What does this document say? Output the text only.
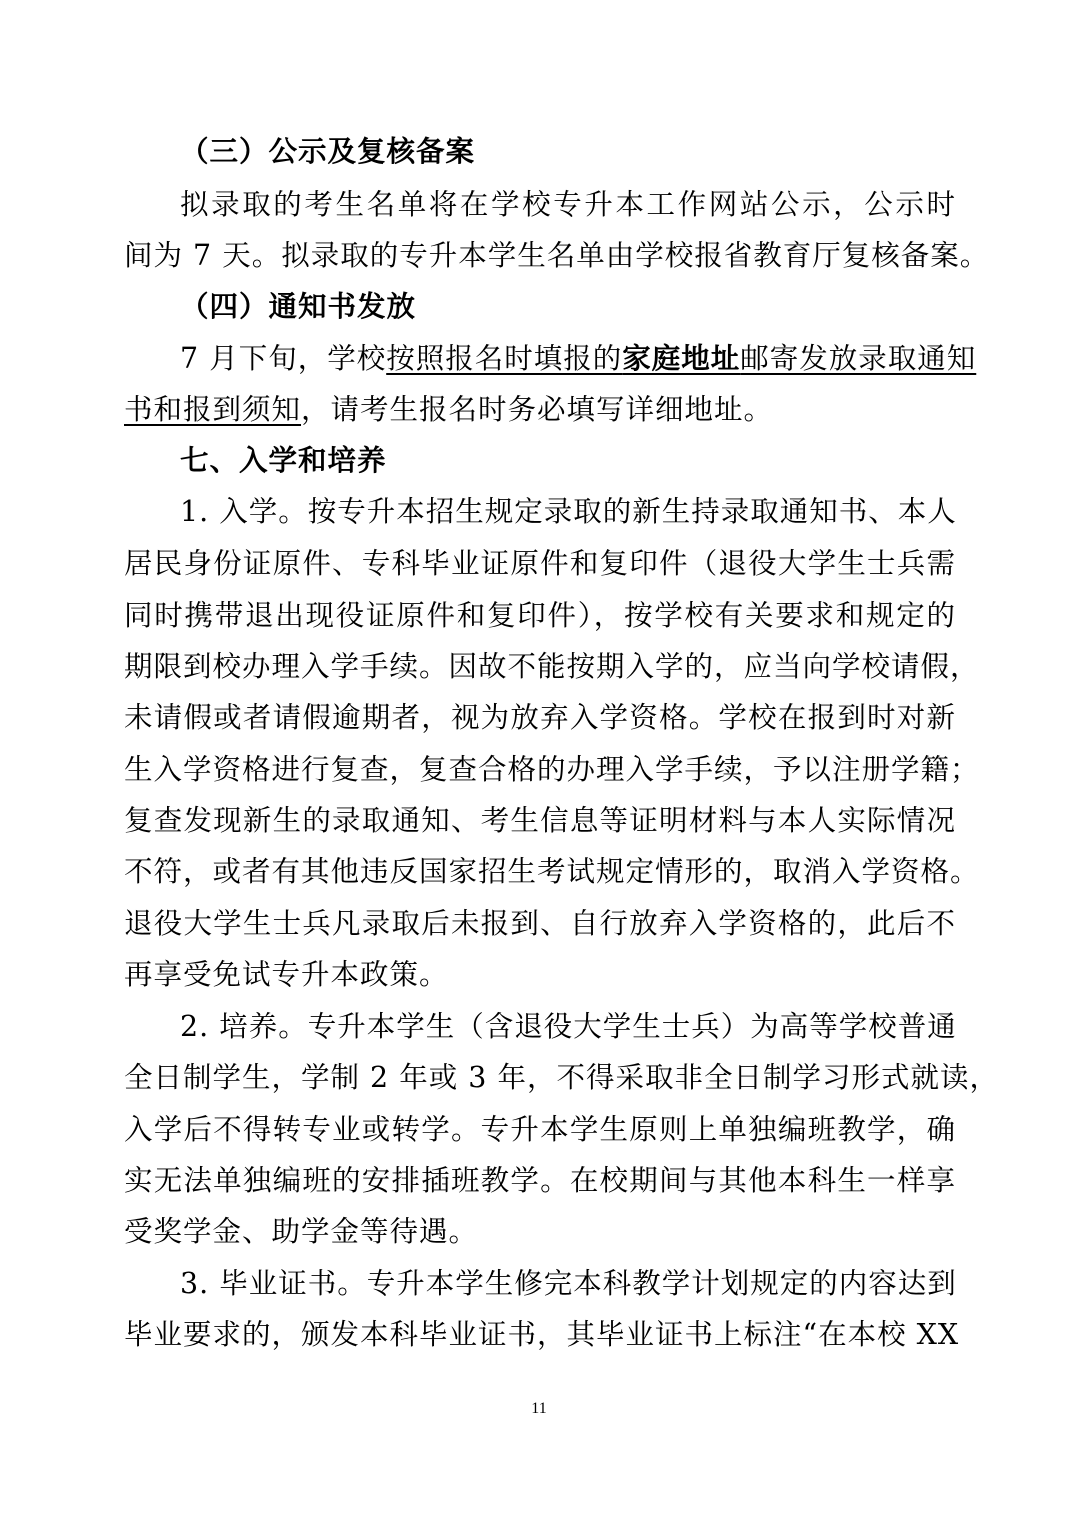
（三）公示及复核备案
拟录取的考生名单将在学校专升本工作网站公示，公示时
间为 7 天。拟录取的专升本学生名单由学校报省教育厅复核备案。
（四）通知书发放
7 月下旬，学校按照报名时填报的家庭地址邮寄发放录取通知
书和报到须知，请考生报名时务必填写详细地址。
七、入学和培养
1. 入学。按专升本招生规定录取的新生持录取通知书、本人
居民身份证原件、专科毕业证原件和复印件（退役大学生士兵需
同时携带退出现役证原件和复印件），按学校有关要求和规定的
期限到校办理入学手续。因故不能按期入学的，应当向学校请假，
未请假或者请假逾期者，视为放弃入学资格。学校在报到时对新
生入学资格进行复查，复查合格的办理入学手续，予以注册学籍；
复查发现新生的录取通知、考生信息等证明材料与本人实际情况
不符，或者有其他违反国家招生考试规定情形的，取消入学资格。
退役大学生士兵凡录取后未报到、自行放弃入学资格的，此后不
再享受免试专升本政策。
2. 培养。专升本学生（含退役大学生士兵）为高等学校普通
全日制学生，学制 2 年或 3 年，不得采取非全日制学习形式就读，
入学后不得转专业或转学。专升本学生原则上单独编班教学，确
实无法单独编班的安排插班教学。在校期间与其他本科生一样享
受奖学金、助学金等待遇。
3. 毕业证书。专升本学生修完本科教学计划规定的内容达到
毕业要求的，颁发本科毕业证书，其毕业证书上标注“在本校 XX
11
